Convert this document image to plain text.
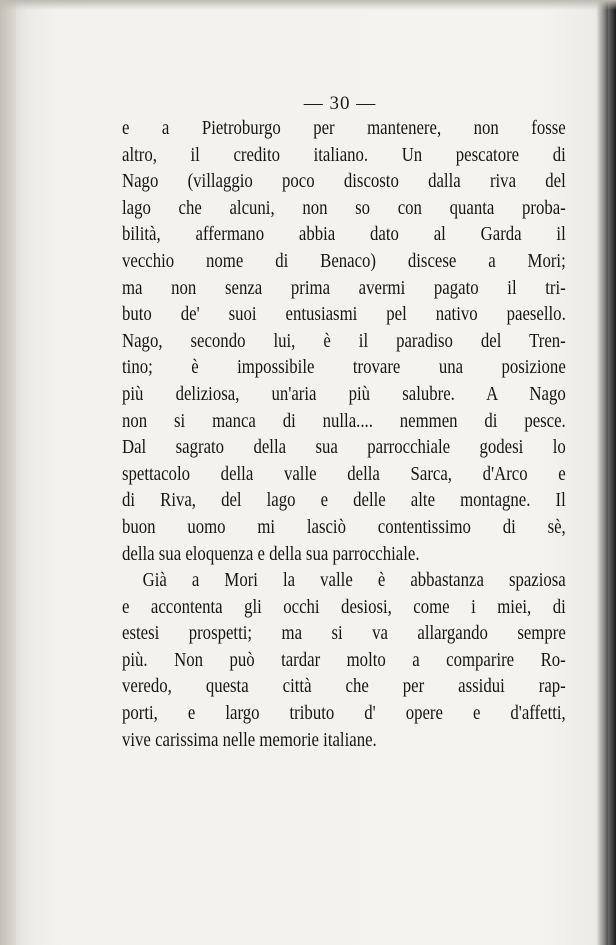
— 30 —
e a Pietroburgo per mantenere, non fosse
altro, il credito italiano. Un pescatore di
Nago (villaggio poco discosto dalla riva del
lago che alcuni, non so con quanta proba-
bilità, affermano abbia dato al Garda il
vecchio nome di Benaco) discese a Mori;
ma non senza prima avermi pagato il tri-
buto de' suoi entusiasmi pel nativo paesello.
Nago, secondo lui, è il paradiso del Tren-
tino; è impossibile trovare una posizione
più deliziosa, un'aria più salubre. A Nago
non si manca di nulla.... nemmen di pesce.
Dal sagrato della sua parrocchiale godesi lo
spettacolo della valle della Sarca, d'Arco e
di Riva, del lago e delle alte montagne. Il
buon uomo mi lasciò contentissimo di sè,
della sua eloquenza e della sua parrocchiale.
Già a Mori la valle è abbastanza spaziosa
e accontenta gli occhi desiosi, come i miei, di
estesi prospetti; ma si va allargando sempre
più. Non può tardar molto a comparire Ro-
veredo, questa città che per assidui rap-
porti, e largo tributo d' opere e d'affetti,
vive carissima nelle memorie italiane.
